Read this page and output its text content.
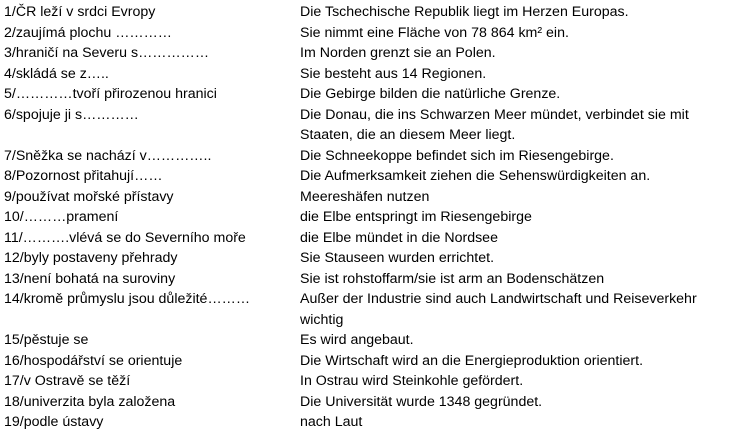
1/ČR leží v srdci Evropy	Die Tschechische Republik liegt im Herzen Europas.
2/zaujímá plochu …………	Sie nimmt eine Fläche von 78 864 km² ein.
3/hraničí na Severu s……………	Im Norden grenzt sie an Polen.
4/skládá se z…..	Sie besteht aus 14 Regionen.
5/…………tvoří přirozenou hranici	Die Gebirge bilden die natürliche Grenze.
6/spojuje ji s…………	Die Donau, die ins Schwarzen Meer mündet, verbindet sie mit
Staaten, die an diesem Meer liegt.
7/Sněžka se nachází v…………..	Die Schneekoppe befindet sich im Riesengebirge.
8/Pozornost přitahují……	Die Aufmerksamkeit ziehen die Sehenswürdigkeiten an.
9/používat mořské přístavy	Meereshäfen nutzen
10/………pramení	die Elbe entspringt im Riesengebirge
11/……….vlévá se do Severního moře	die Elbe mündet in die Nordsee
12/byly postaveny přehrady	Sie Stauseen wurden errichtet.
13/není bohatá na suroviny	Sie ist rohstoffarm/sie ist arm an Bodenschätzen
14/kromě průmyslu jsou důležité………	Außer der Industrie sind auch Landwirtschaft und Reiseverkehr
wichtig
15/pěstuje se	Es wird angebaut.
16/hospodářství se orientuje	Die Wirtschaft wird an die Energieproduktion orientiert.
17/v Ostravě se těží	In Ostrau wird Steinkohle gefördert.
18/univerzita byla založena	Die Universität wurde 1348 gegründet.
19/podle ústavy	nach Laut
